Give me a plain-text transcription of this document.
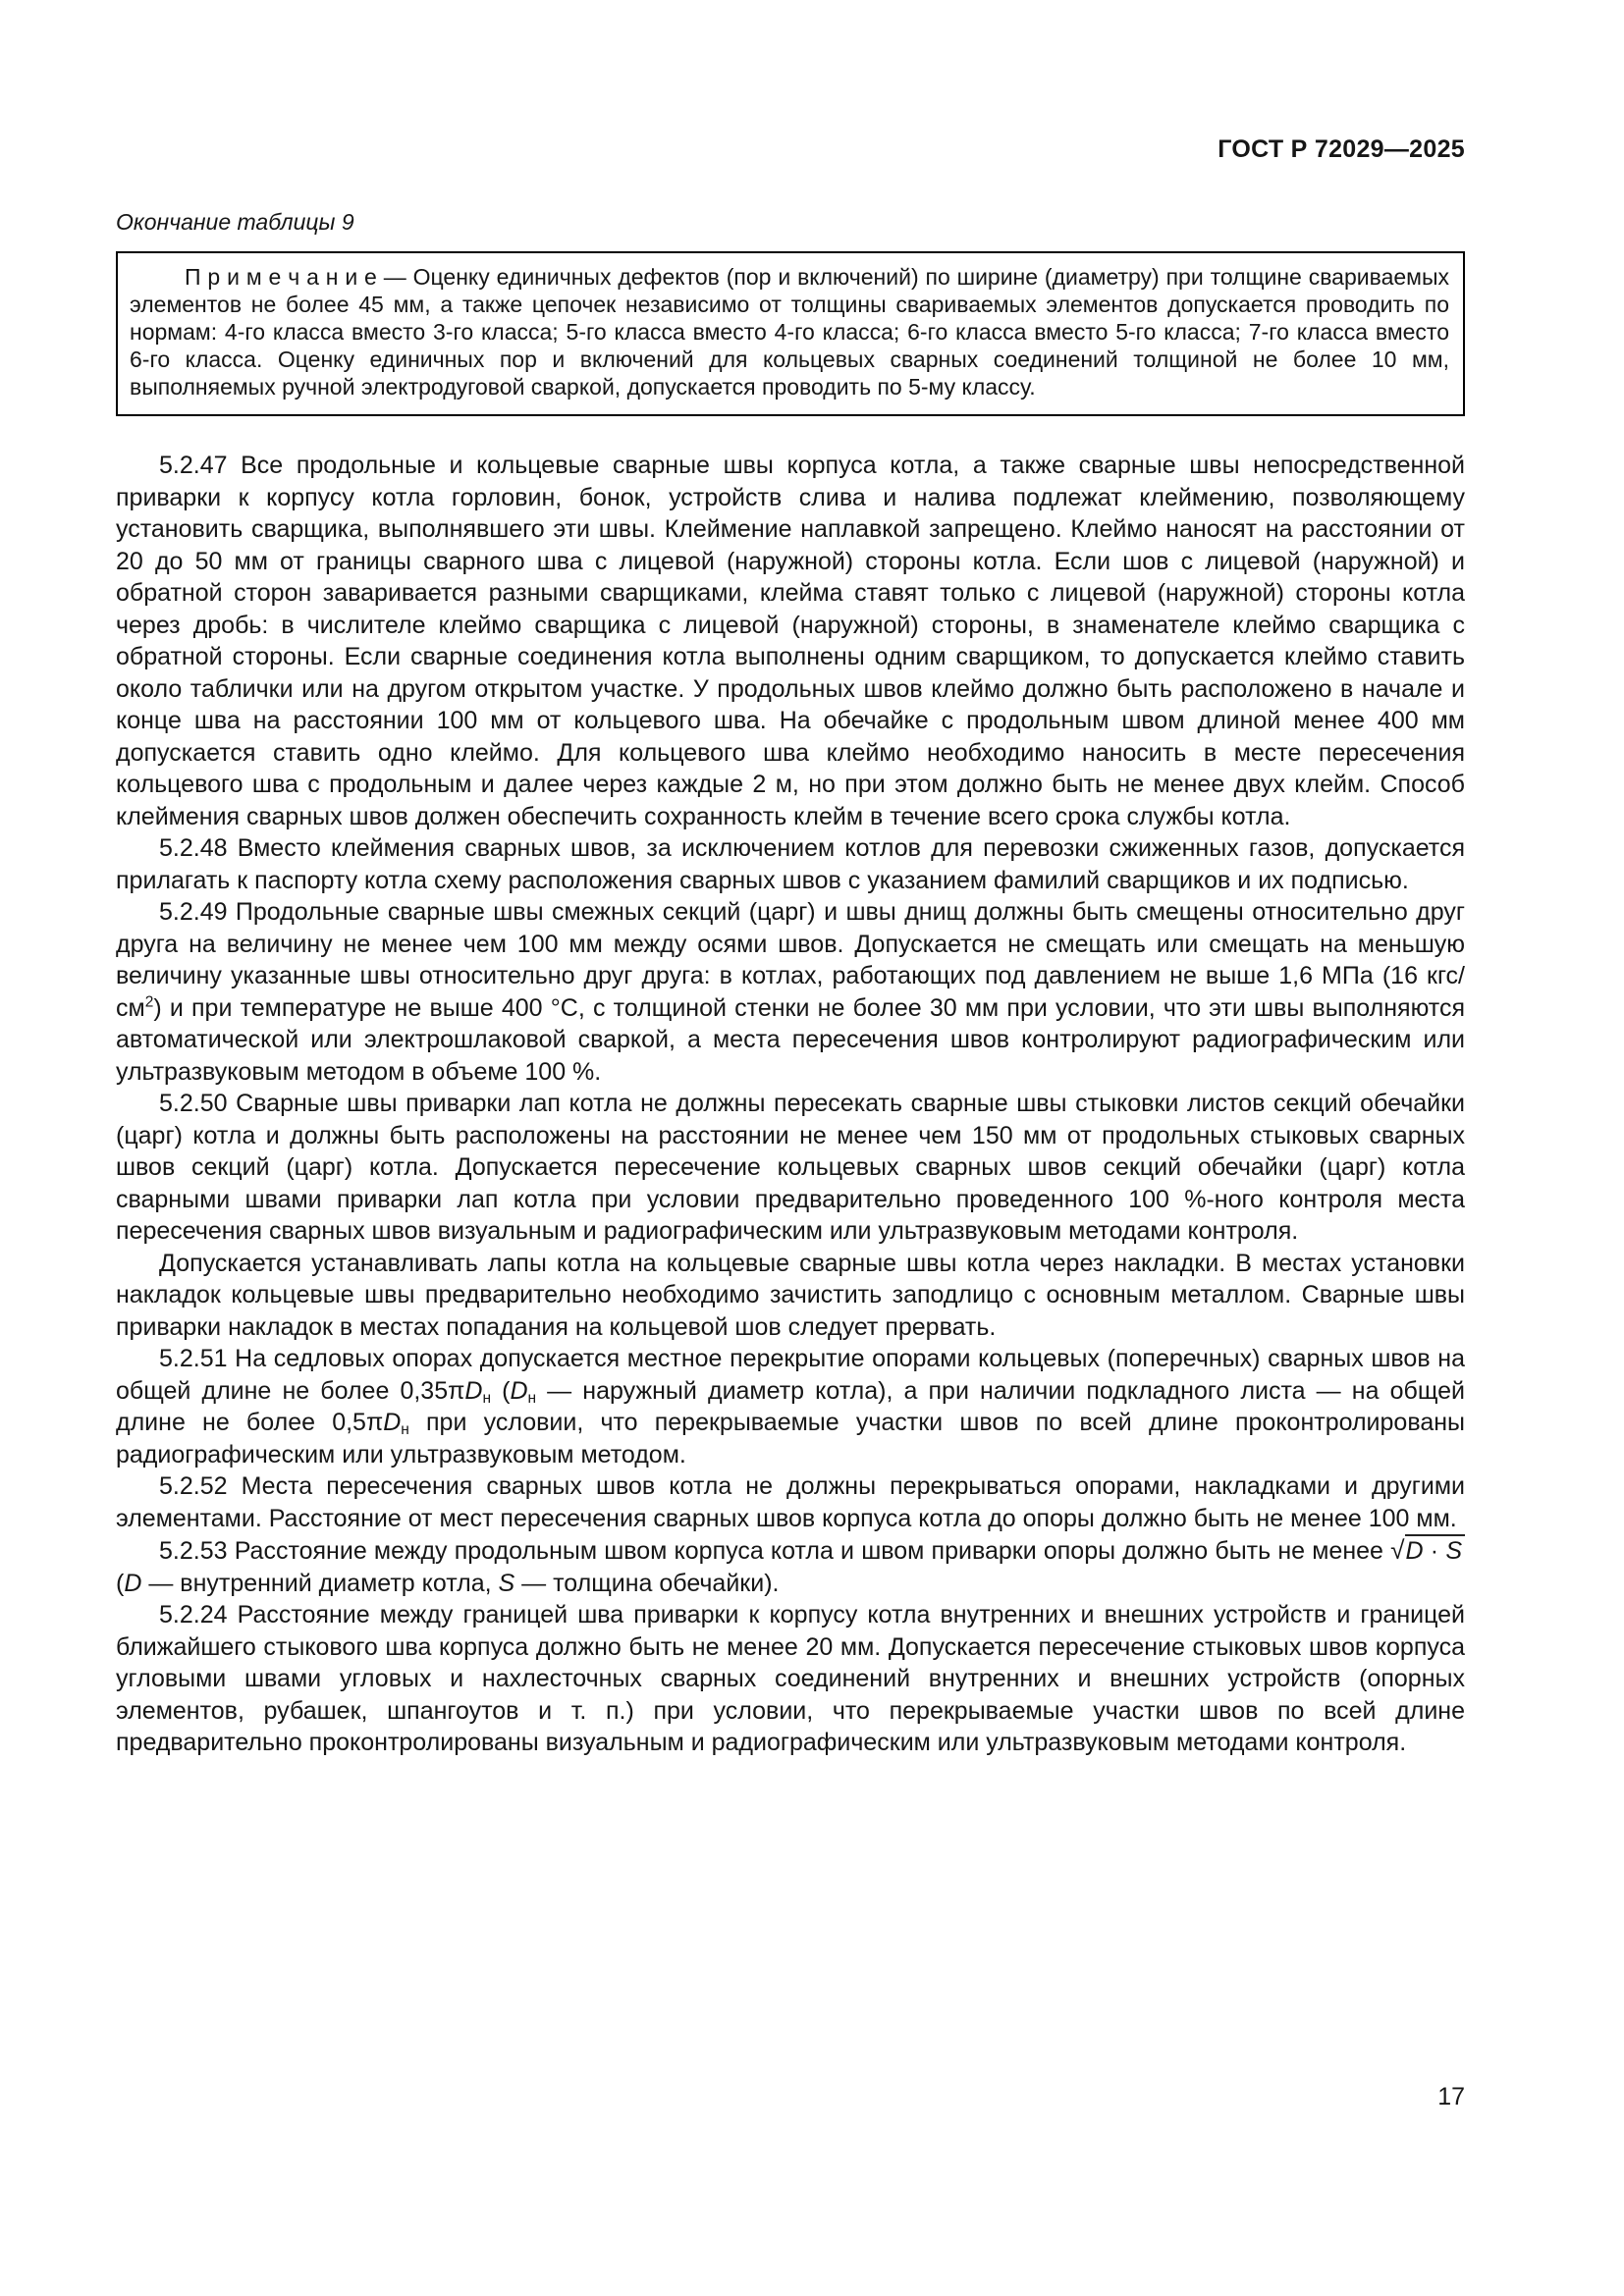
ГОСТ Р 72029—2025
Окончание таблицы 9

П р и м е ч а н и е — Оценку единичных дефектов (пор и включений) по ширине (диаметру) при толщине свариваемых элементов не более 45 мм, а также цепочек независимо от толщины свариваемых элементов допускается проводить по нормам: 4-го класса вместо 3-го класса; 5-го класса вместо 4-го класса; 6-го класса вместо 5-го класса; 7-го класса вместо 6-го класса. Оценку единичных пор и включений для кольцевых сварных соединений толщиной не более 10 мм, выполняемых ручной электродуговой сваркой, допускается проводить по 5-му классу.

5.2.47 Все продольные и кольцевые сварные швы корпуса котла, а также сварные швы непосредственной приварки к корпусу котла горловин, бонок, устройств слива и налива подлежат клеймению, позволяющему установить сварщика, выполнявшего эти швы. Клеймение наплавкой запрещено. Клеймо наносят на расстоянии от 20 до 50 мм от границы сварного шва с лицевой (наружной) стороны котла. Если шов с лицевой (наружной) и обратной сторон заваривается разными сварщиками, клейма ставят только с лицевой (наружной) стороны котла через дробь: в числителе клеймо сварщика с лицевой (наружной) стороны, в знаменателе клеймо сварщика с обратной стороны. Если сварные соединения котла выполнены одним сварщиком, то допускается клеймо ставить около таблички или на другом открытом участке. У продольных швов клеймо должно быть расположено в начале и конце шва на расстоянии 100 мм от кольцевого шва. На обечайке с продольным швом длиной менее 400 мм допускается ставить одно клеймо. Для кольцевого шва клеймо необходимо наносить в месте пересечения кольцевого шва с продольным и далее через каждые 2 м, но при этом должно быть не менее двух клейм. Способ клеймения сварных швов должен обеспечить сохранность клейм в течение всего срока службы котла.

5.2.48 Вместо клеймения сварных швов, за исключением котлов для перевозки сжиженных газов, допускается прилагать к паспорту котла схему расположения сварных швов с указанием фамилий сварщиков и их подписью.

5.2.49 Продольные сварные швы смежных секций (царг) и швы днищ должны быть смещены относительно друг друга на величину не менее чем 100 мм между осями швов. Допускается не смещать или смещать на меньшую величину указанные швы относительно друг друга: в котлах, работающих под давлением не выше 1,6 МПа (16 кгс/$см^2$) и при температуре не выше 400 °С, с толщиной стенки не более 30 мм при условии, что эти швы выполняются автоматической или электрошлаковой сваркой, а места пересечения швов контролируют радиографическим или ультразвуковым методом в объеме 100 %.

5.2.50 Сварные швы приварки лап котла не должны пересекать сварные швы стыковки листов секций обечайки (царг) котла и должны быть расположены на расстоянии не менее чем 150 мм от продольных стыковых сварных швов секций (царг) котла. Допускается пересечение кольцевых сварных швов секций обечайки (царг) котла сварными швами приварки лап котла при условии предварительно проведенного 100 %-ного контроля места пересечения сварных швов визуальным и радиографическим или ультразвуковым методами контроля.

Допускается устанавливать лапы котла на кольцевые сварные швы котла через накладки. В местах установки накладок кольцевые швы предварительно необходимо зачистить заподлицо с основным металлом. Сварные швы приварки накладок в местах попадания на кольцевой шов следует прервать.

5.2.51 На седловых опорах допускается местное перекрытие опорами кольцевых (поперечных) сварных швов на общей длине не более $0,35\pi D_н$ ($D_н$ — наружный диаметр котла), а при наличии подкладного листа — на общей длине не более $0,5\pi D_н$ при условии, что перекрываемые участки швов по всей длине проконтролированы радиографическим или ультразвуковым методом.

5.2.52 Места пересечения сварных швов котла не должны перекрываться опорами, накладками и другими элементами. Расстояние от мест пересечения сварных швов корпуса котла до опоры должно быть не менее 100 мм.

5.2.53 Расстояние между продольным швом корпуса котла и швом приварки опоры должно быть не менее √D · S (D — внутренний диаметр котла, S — толщина обечайки).

5.2.24 Расстояние между границей шва приварки к корпусу котла внутренних и внешних устройств и границей ближайшего стыкового шва корпуса должно быть не менее 20 мм. Допускается пересечение стыковых швов корпуса угловыми швами угловых и нахлесточных сварных соединений внутренних и внешних устройств (опорных элементов, рубашек, шпангоутов и т. п.) при условии, что перекрываемые участки швов по всей длине предварительно проконтролированы визуальным и радиографическим или ультразвуковым методами контроля.

17
